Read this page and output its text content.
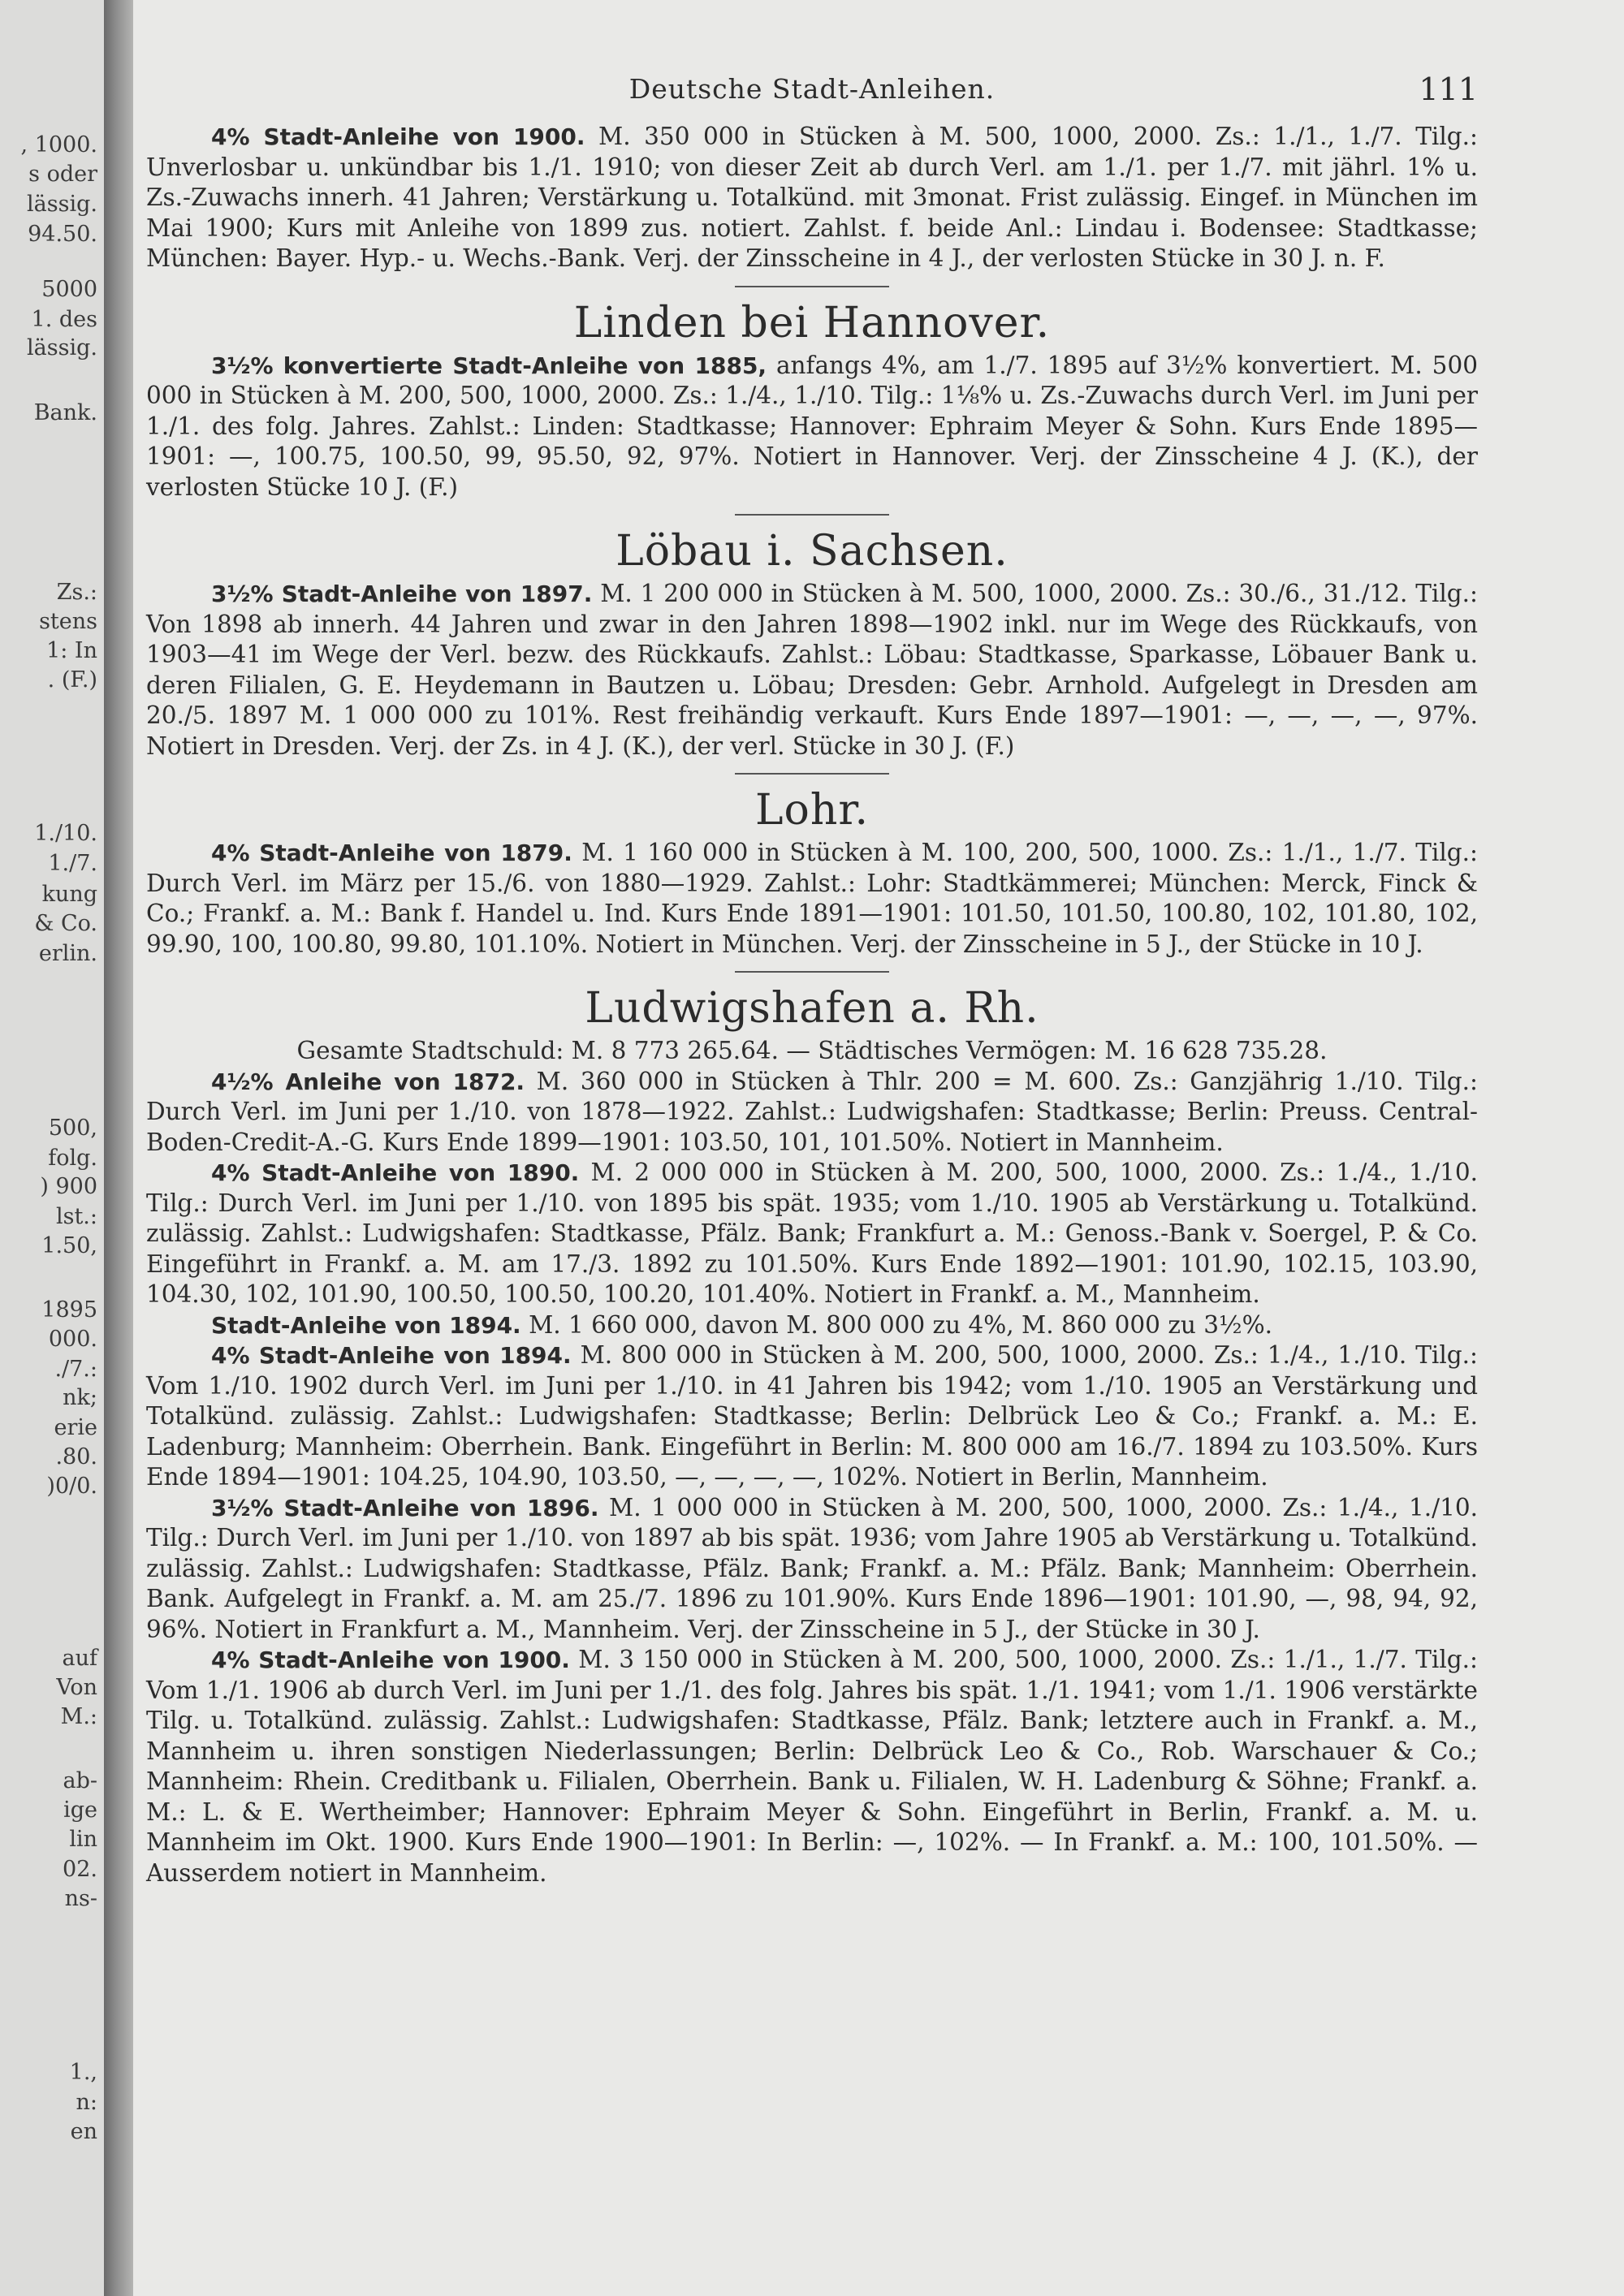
, 1000.
s oder
lässig.
94.50.
5000
1. des
lässig.
Bank.
Zs.:
stens
1: In
. (F.)
1./10.
1./7.
kung
& Co.
erlin.
500,
folg.
) 900
lst.:
1.50,
1895
000.
./7.:
nk;
erie
.80.
)0/0.
auf
Von
M.:
ab-
ige
lin
02.
ns-
1.,
n:
en
Deutsche Stadt-Anleihen.	111

4% Stadt-Anleihe von 1900. M. 350 000 in Stücken à M. 500, 1000, 2000. Zs.: 1./1., 1./7. Tilg.: Unverlosbar u. unkündbar bis 1./1. 1910; von dieser Zeit ab durch Verl. am 1./1. per 1./7. mit jährl. 1% u. Zs.-Zuwachs innerh. 41 Jahren; Verstärkung u. Totalkünd. mit 3monat. Frist zulässig. Eingef. in München im Mai 1900; Kurs mit Anleihe von 1899 zus. notiert. Zahlst. f. beide Anl.: Lindau i. Bodensee: Stadtkasse; München: Bayer. Hyp.- u. Wechs.-Bank. Verj. der Zinsscheine in 4 J., der verlosten Stücke in 30 J. n. F.

Linden bei Hannover.

3½% konvertierte Stadt-Anleihe von 1885, anfangs 4%, am 1./7. 1895 auf 3½% konvertiert. M. 500 000 in Stücken à M. 200, 500, 1000, 2000. Zs.: 1./4., 1./10. Tilg.: 1⅛% u. Zs.-Zuwachs durch Verl. im Juni per 1./1. des folg. Jahres. Zahlst.: Linden: Stadtkasse; Hannover: Ephraim Meyer & Sohn. Kurs Ende 1895—1901: —, 100.75, 100.50, 99, 95.50, 92, 97%. Notiert in Hannover. Verj. der Zinsscheine 4 J. (K.), der verlosten Stücke 10 J. (F.)

Löbau i. Sachsen.

3½% Stadt-Anleihe von 1897. M. 1 200 000 in Stücken à M. 500, 1000, 2000. Zs.: 30./6., 31./12. Tilg.: Von 1898 ab innerh. 44 Jahren und zwar in den Jahren 1898—1902 inkl. nur im Wege des Rückkaufs, von 1903—41 im Wege der Verl. bezw. des Rückkaufs. Zahlst.: Löbau: Stadtkasse, Sparkasse, Löbauer Bank u. deren Filialen, G. E. Heydemann in Bautzen u. Löbau; Dresden: Gebr. Arnhold. Aufgelegt in Dresden am 20./5. 1897 M. 1 000 000 zu 101%. Rest freihändig verkauft. Kurs Ende 1897—1901: —, —, —, —, 97%. Notiert in Dresden. Verj. der Zs. in 4 J. (K.), der verl. Stücke in 30 J. (F.)

Lohr.

4% Stadt-Anleihe von 1879. M. 1 160 000 in Stücken à M. 100, 200, 500, 1000. Zs.: 1./1., 1./7. Tilg.: Durch Verl. im März per 15./6. von 1880—1929. Zahlst.: Lohr: Stadtkämmerei; München: Merck, Finck & Co.; Frankf. a. M.: Bank f. Handel u. Ind. Kurs Ende 1891—1901: 101.50, 101.50, 100.80, 102, 101.80, 102, 99.90, 100, 100.80, 99.80, 101.10%. Notiert in München. Verj. der Zinsscheine in 5 J., der Stücke in 10 J.

Ludwigshafen a. Rh.

Gesamte Stadtschuld: M. 8 773 265.64. — Städtisches Vermögen: M. 16 628 735.28.

4½% Anleihe von 1872. M. 360 000 in Stücken à Thlr. 200 = M. 600. Zs.: Ganzjährig 1./10. Tilg.: Durch Verl. im Juni per 1./10. von 1878—1922. Zahlst.: Ludwigshafen: Stadtkasse; Berlin: Preuss. Central-Boden-Credit-A.-G. Kurs Ende 1899—1901: 103.50, 101, 101.50%. Notiert in Mannheim.

4% Stadt-Anleihe von 1890. M. 2 000 000 in Stücken à M. 200, 500, 1000, 2000. Zs.: 1./4., 1./10. Tilg.: Durch Verl. im Juni per 1./10. von 1895 bis spät. 1935; vom 1./10. 1905 ab Verstärkung u. Totalkünd. zulässig. Zahlst.: Ludwigshafen: Stadtkasse, Pfälz. Bank; Frankfurt a. M.: Genoss.-Bank v. Soergel, P. & Co. Eingeführt in Frankf. a. M. am 17./3. 1892 zu 101.50%. Kurs Ende 1892—1901: 101.90, 102.15, 103.90, 104.30, 102, 101.90, 100.50, 100.50, 100.20, 101.40%. Notiert in Frankf. a. M., Mannheim.

Stadt-Anleihe von 1894. M. 1 660 000, davon M. 800 000 zu 4%, M. 860 000 zu 3½%.

4% Stadt-Anleihe von 1894. M. 800 000 in Stücken à M. 200, 500, 1000, 2000. Zs.: 1./4., 1./10. Tilg.: Vom 1./10. 1902 durch Verl. im Juni per 1./10. in 41 Jahren bis 1942; vom 1./10. 1905 an Verstärkung und Totalkünd. zulässig. Zahlst.: Ludwigshafen: Stadtkasse; Berlin: Delbrück Leo & Co.; Frankf. a. M.: E. Ladenburg; Mannheim: Oberrhein. Bank. Eingeführt in Berlin: M. 800 000 am 16./7. 1894 zu 103.50%. Kurs Ende 1894—1901: 104.25, 104.90, 103.50, —, —, —, —, 102%. Notiert in Berlin, Mannheim.

3½% Stadt-Anleihe von 1896. M. 1 000 000 in Stücken à M. 200, 500, 1000, 2000. Zs.: 1./4., 1./10. Tilg.: Durch Verl. im Juni per 1./10. von 1897 ab bis spät. 1936; vom Jahre 1905 ab Verstärkung u. Totalkünd. zulässig. Zahlst.: Ludwigshafen: Stadtkasse, Pfälz. Bank; Frankf. a. M.: Pfälz. Bank; Mannheim: Oberrhein. Bank. Aufgelegt in Frankf. a. M. am 25./7. 1896 zu 101.90%. Kurs Ende 1896—1901: 101.90, —, 98, 94, 92, 96%. Notiert in Frankfurt a. M., Mannheim. Verj. der Zinsscheine in 5 J., der Stücke in 30 J.

4% Stadt-Anleihe von 1900. M. 3 150 000 in Stücken à M. 200, 500, 1000, 2000. Zs.: 1./1., 1./7. Tilg.: Vom 1./1. 1906 ab durch Verl. im Juni per 1./1. des folg. Jahres bis spät. 1./1. 1941; vom 1./1. 1906 verstärkte Tilg. u. Totalkünd. zulässig. Zahlst.: Ludwigshafen: Stadtkasse, Pfälz. Bank; letztere auch in Frankf. a. M., Mannheim u. ihren sonstigen Niederlassungen; Berlin: Delbrück Leo & Co., Rob. Warschauer & Co.; Mannheim: Rhein. Creditbank u. Filialen, Oberrhein. Bank u. Filialen, W. H. Ladenburg & Söhne; Frankf. a. M.: L. & E. Wertheimber; Hannover: Ephraim Meyer & Sohn. Eingeführt in Berlin, Frankf. a. M. u. Mannheim im Okt. 1900. Kurs Ende 1900—1901: In Berlin: —, 102%. — In Frankf. a. M.: 100, 101.50%. — Ausserdem notiert in Mannheim.
